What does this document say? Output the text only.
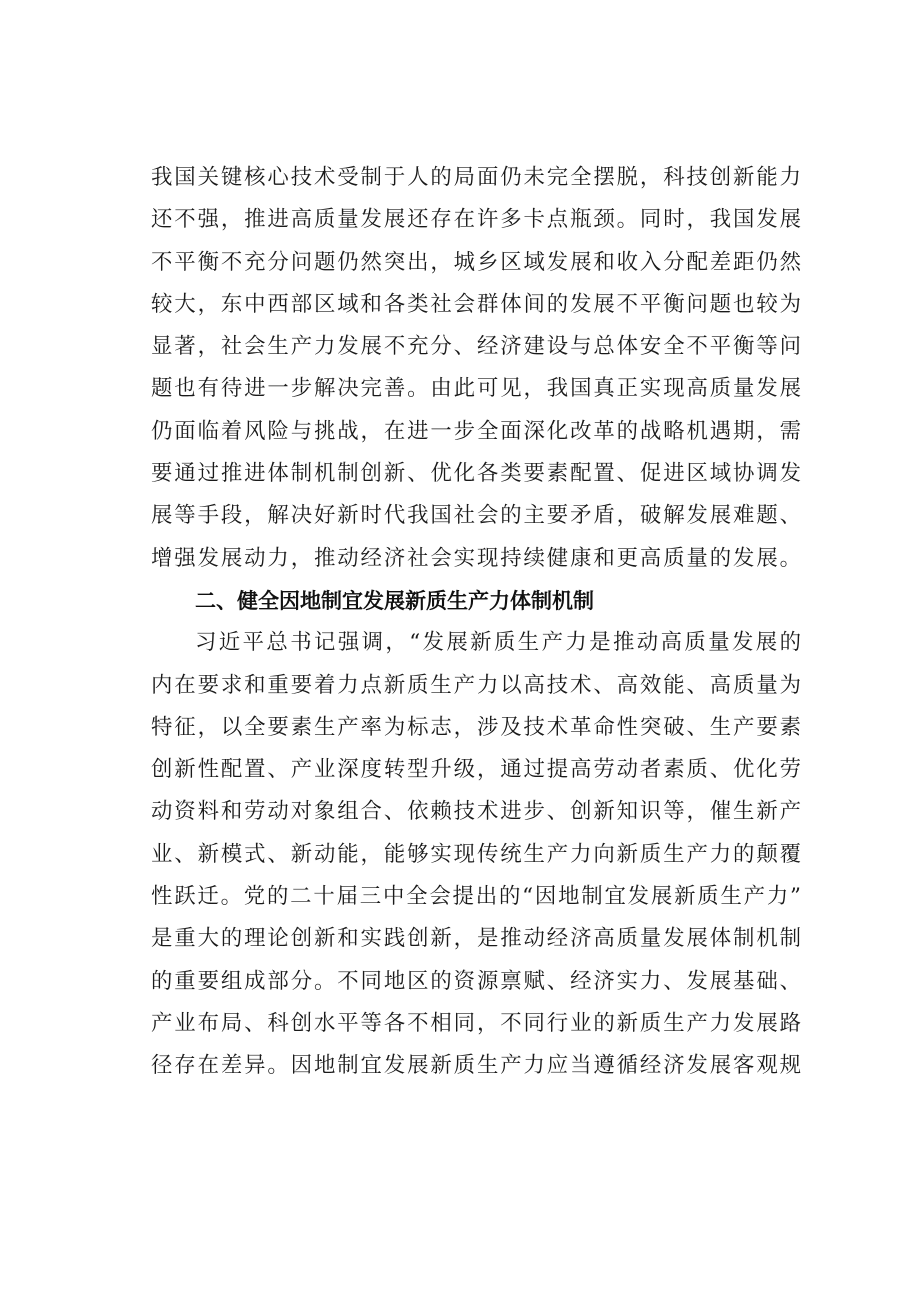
我国关键核心技术受制于人的局面仍未完全摆脱，科技创新能力
还不强，推进高质量发展还存在许多卡点瓶颈。同时，我国发展
不平衡不充分问题仍然突出，城乡区域发展和收入分配差距仍然
较大，东中西部区域和各类社会群体间的发展不平衡问题也较为
显著，社会生产力发展不充分、经济建设与总体安全不平衡等问
题也有待进一步解决完善。由此可见，我国真正实现高质量发展
仍面临着风险与挑战，在进一步全面深化改革的战略机遇期，需
要通过推进体制机制创新、优化各类要素配置、促进区域协调发
展等手段，解决好新时代我国社会的主要矛盾，破解发展难题、
增强发展动力，推动经济社会实现持续健康和更高质量的发展。
二、健全因地制宜发展新质生产力体制机制
习近平总书记强调，“发展新质生产力是推动高质量发展的
内在要求和重要着力点新质生产力以高技术、高效能、高质量为
特征，以全要素生产率为标志，涉及技术革命性突破、生产要素
创新性配置、产业深度转型升级，通过提高劳动者素质、优化劳
动资料和劳动对象组合、依赖技术进步、创新知识等，催生新产
业、新模式、新动能，能够实现传统生产力向新质生产力的颠覆
性跃迁。党的二十届三中全会提出的“因地制宜发展新质生产力”
是重大的理论创新和实践创新，是推动经济高质量发展体制机制
的重要组成部分。不同地区的资源禀赋、经济实力、发展基础、
产业布局、科创水平等各不相同，不同行业的新质生产力发展路
径存在差异。因地制宜发展新质生产力应当遵循经济发展客观规
